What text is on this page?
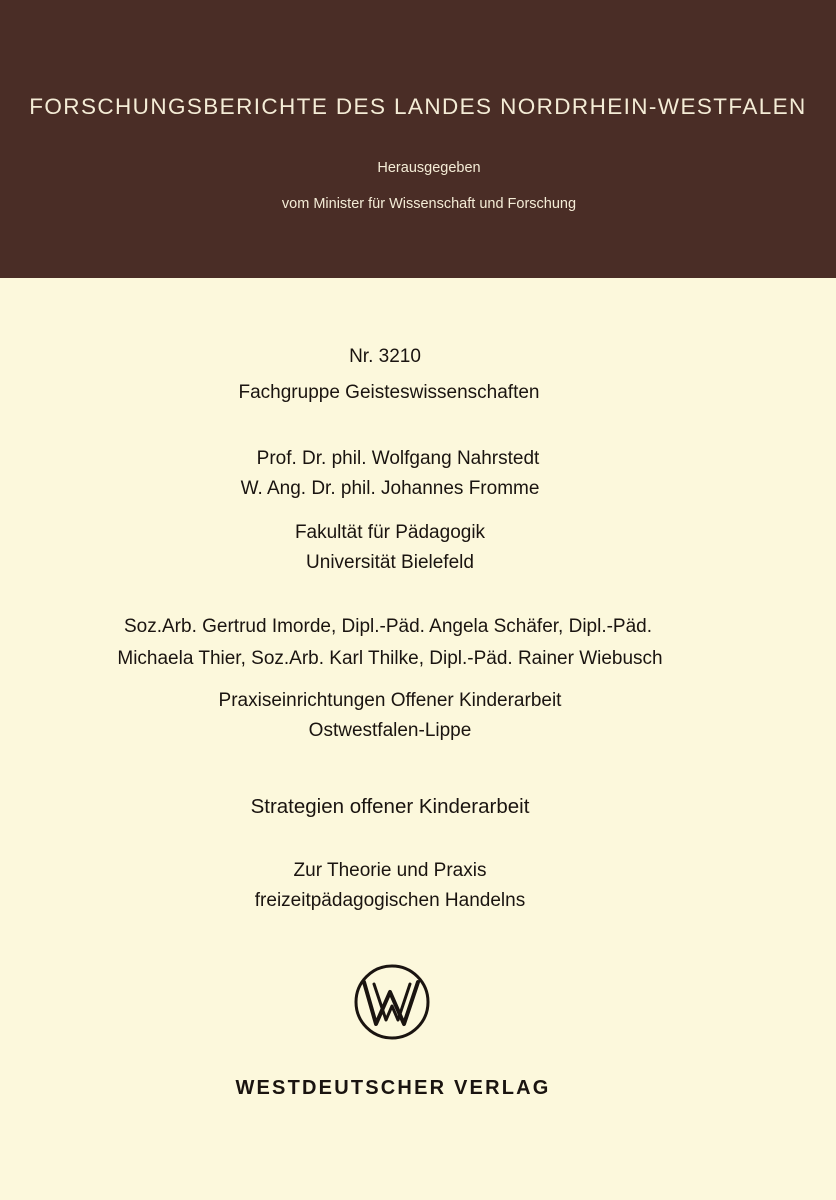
FORSCHUNGSBERICHTE DES LANDES NORDRHEIN-WESTFALEN
Herausgegeben
vom Minister für Wissenschaft und Forschung
Nr. 3210
Fachgruppe Geisteswissenschaften
Prof. Dr. phil. Wolfgang Nahrstedt
W. Ang. Dr. phil. Johannes Fromme
Fakultät für Pädagogik
Universität Bielefeld
Soz.Arb. Gertrud Imorde, Dipl.-Päd. Angela Schäfer, Dipl.-Päd.
Michaela Thier, Soz.Arb. Karl Thilke, Dipl.-Päd. Rainer Wiebusch
Praxiseinrichtungen Offener Kinderarbeit
Ostwestfalen-Lippe
Strategien offener Kinderarbeit
Zur Theorie und Praxis
freizeitpädagogischen Handelns
WESTDEUTSCHER VERLAG
